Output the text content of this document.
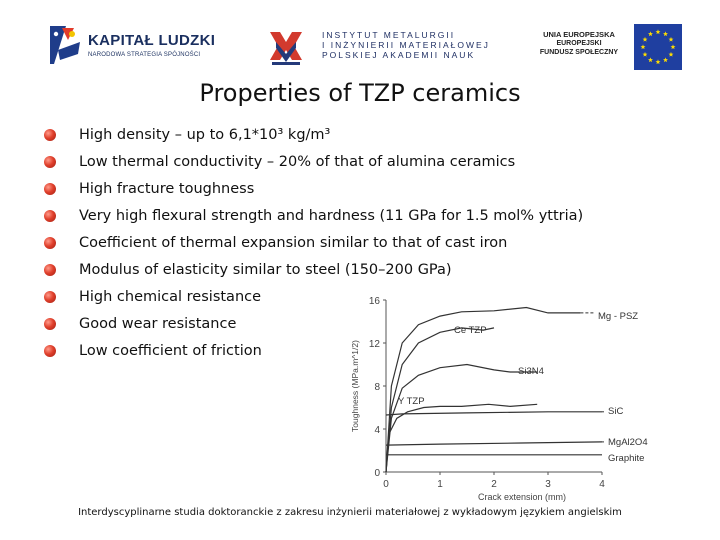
KAPITAŁ LUDZKI
NARODOWA STRATEGIA SPÓJNOŚCI
INSTYTUT METALURGII
I INŻYNIERII MATERIAŁOWEJ
POLSKIEJ AKADEMII NAUK
UNIA EUROPEJSKA
EUROPEJSKI
FUNDUSZ SPOŁECZNY
Properties of TZP ceramics
High density – up to 6,1*10³ kg/m³
Low thermal conductivity – 20% of that of alumina ceramics
High fracture toughness
Very high flexural strength and hardness (11 GPa for 1.5 mol% yttria)
Coefficient of thermal expansion similar to that of cast iron
Modulus of elasticity similar to steel (150–200 GPa)
High chemical resistance
Good wear resistance
Low coefficient of friction
0
4
8
12
16
0	1	2	3	4
Crack extension (mm)
Toughness (MPa.m^1/2)
Mg - PSZ
Ce TZP
Si3N4
Y TZP
SiC
MgAl2O4
Graphite
Interdyscyplinarne studia doktoranckie z zakresu inżynierii materiałowej z wykładowym językiem angielskim
